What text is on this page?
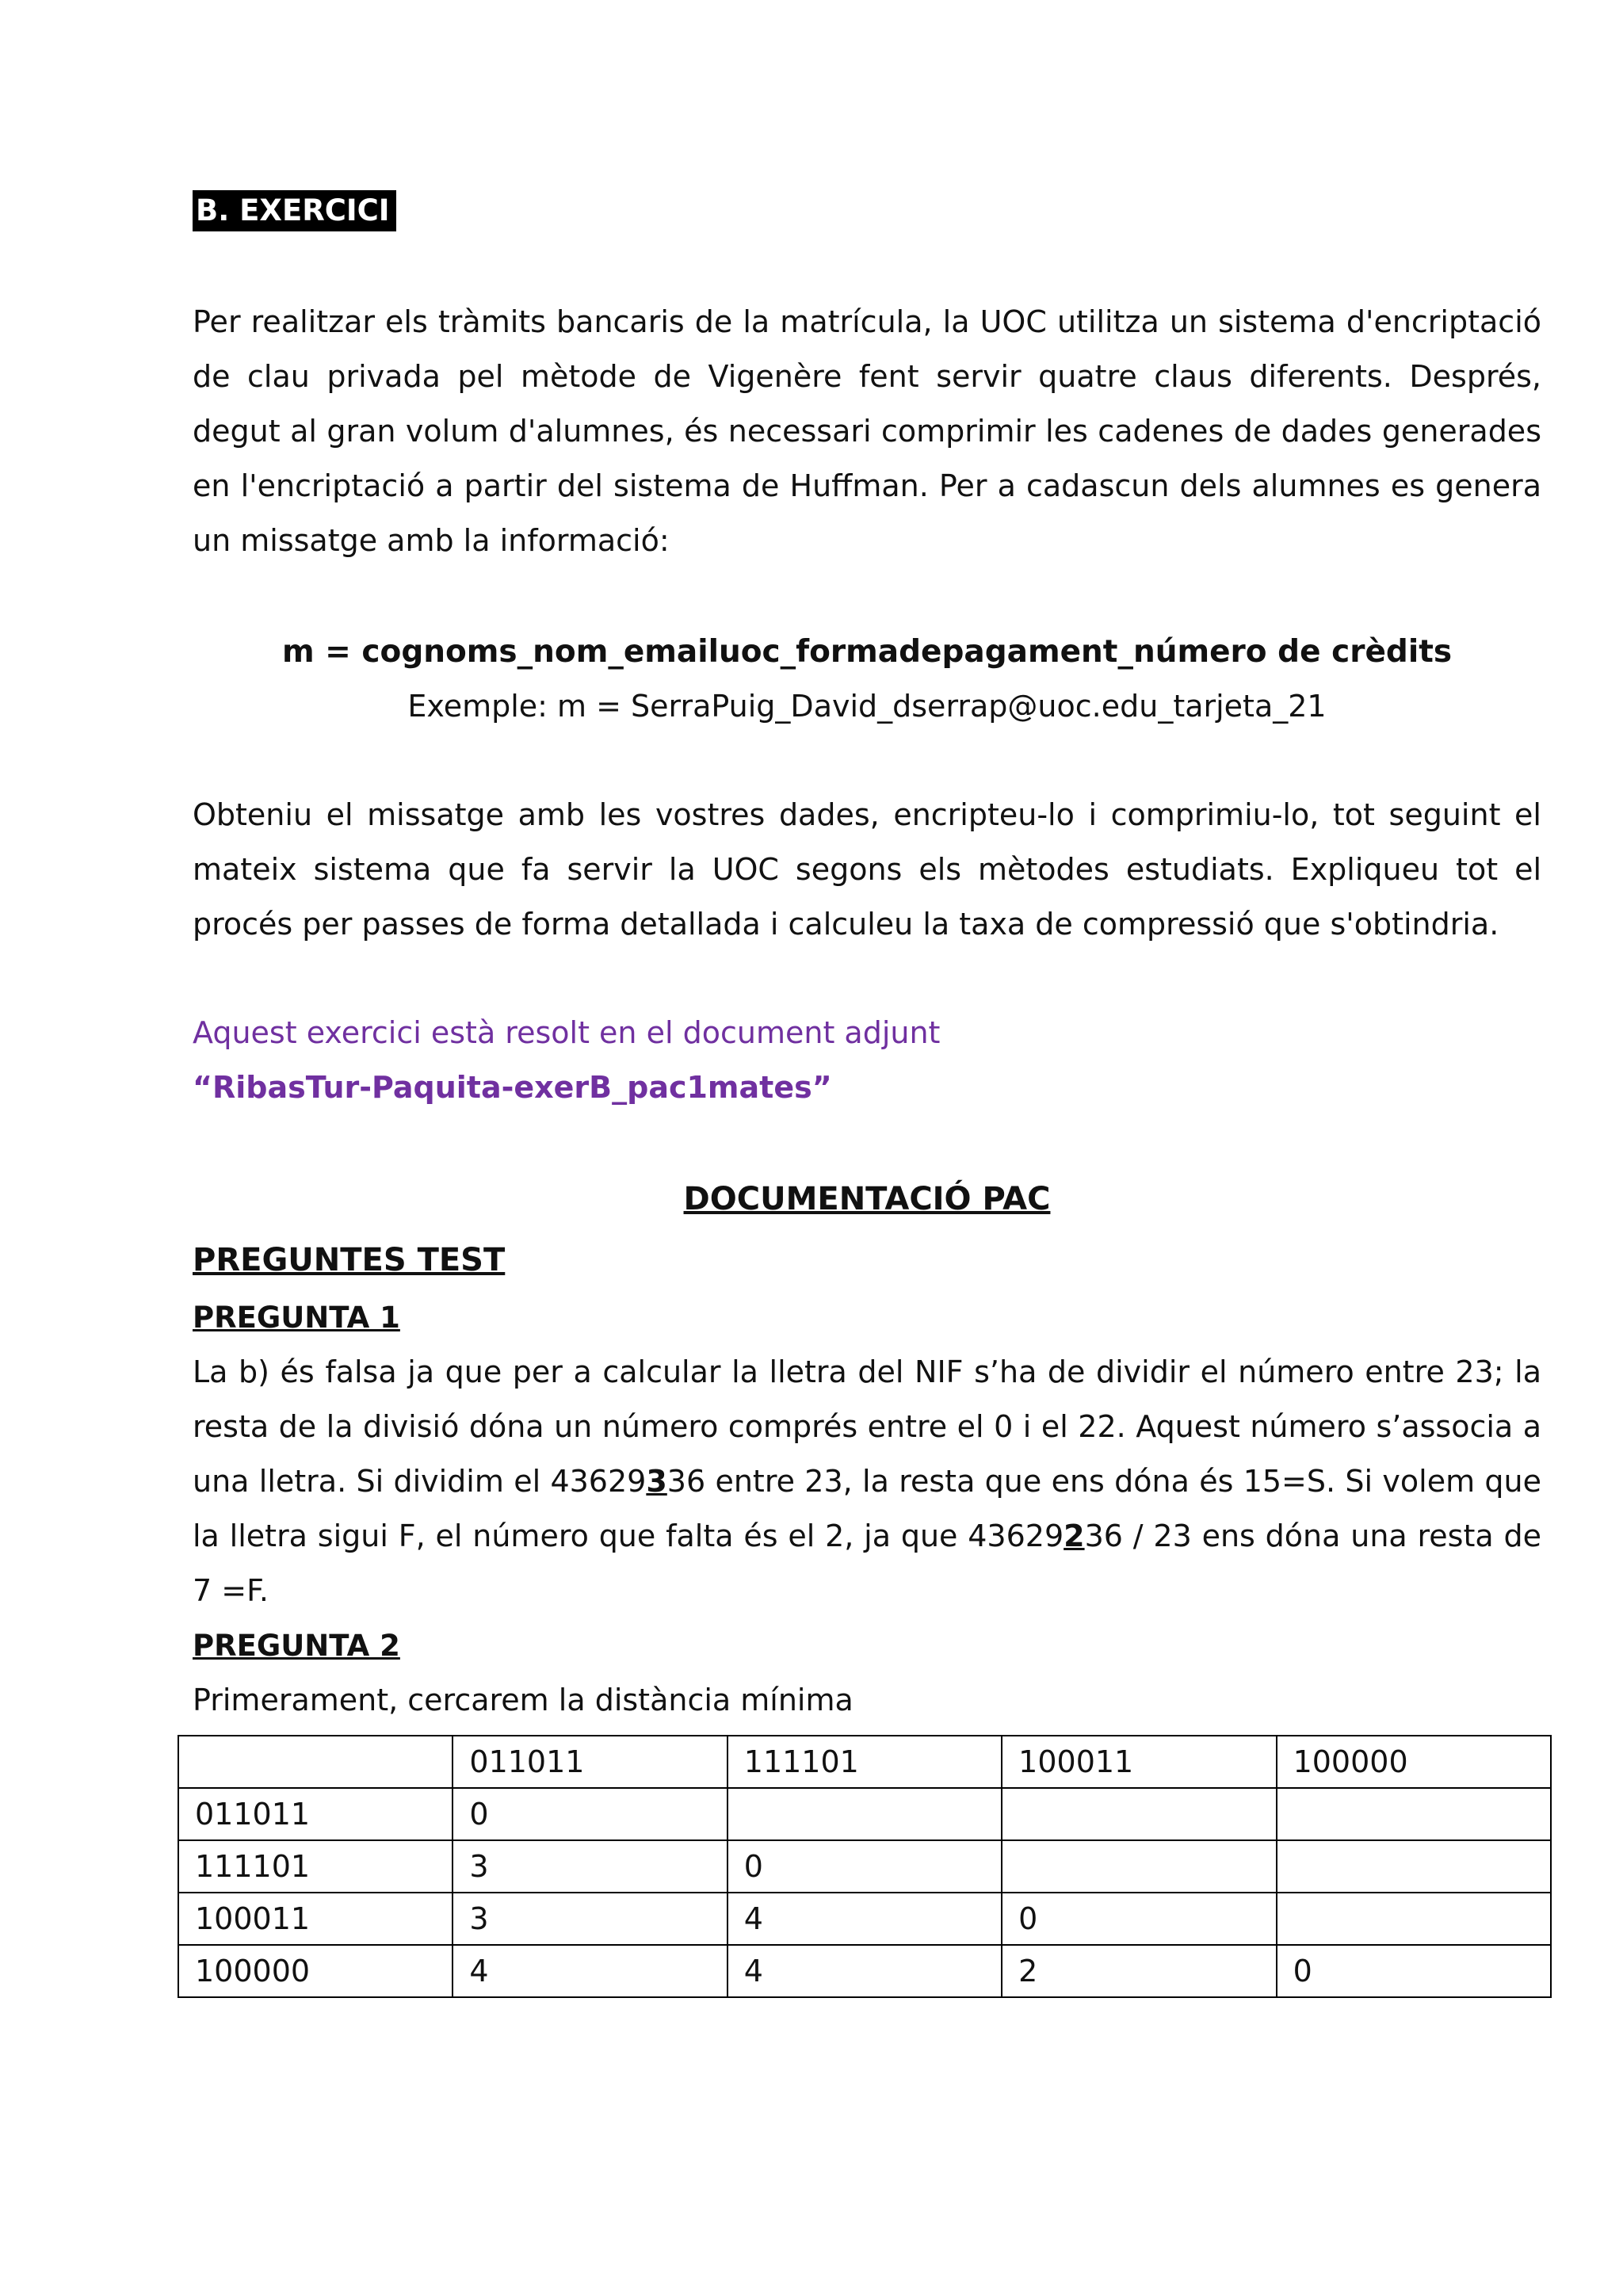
B. EXERCICI

Per realitzar els tràmits bancaris de la matrícula, la UOC utilitza un sistema d'encriptació de clau privada pel mètode de Vigenère fent servir quatre claus diferents. Després, degut al gran volum d'alumnes, és necessari comprimir les cadenes de dades generades en l'encriptació a partir del sistema de Huffman. Per a cadascun dels alumnes es genera un missatge amb la informació:

m = cognoms_nom_emailuoc_formadepagament_número de crèdits

Exemple: m = SerraPuig_David_dserrap@uoc.edu_tarjeta_21

Obteniu el missatge amb les vostres dades, encripteu-lo i comprimiu-lo, tot seguint el mateix sistema que fa servir la UOC segons els mètodes estudiats. Expliqueu tot el procés per passes de forma detallada i calculeu la taxa de compressió que s'obtindria.

Aquest exercici està resolt en el document adjunt

“RibasTur-Paquita-exerB_pac1mates”

DOCUMENTACIÓ PAC

PREGUNTES TEST

PREGUNTA 1

La b) és falsa ja que per a calcular la lletra del NIF s’ha de dividir el número entre 23; la resta de la divisió dóna un número comprés entre el 0 i el 22. Aquest número s’associa a una lletra. Si dividim el 43629336 entre 23, la resta que ens dóna és 15=S. Si volem que la lletra sigui F, el número que falta és el 2, ja que 43629236 / 23 ens dóna una resta de 7 =F.

PREGUNTA 2

Primerament, cercarem la distància mínima

	011011	111101	100011	100000
011011	0			
111101	3	0		
100011	3	4	0	
100000	4	4	2	0
